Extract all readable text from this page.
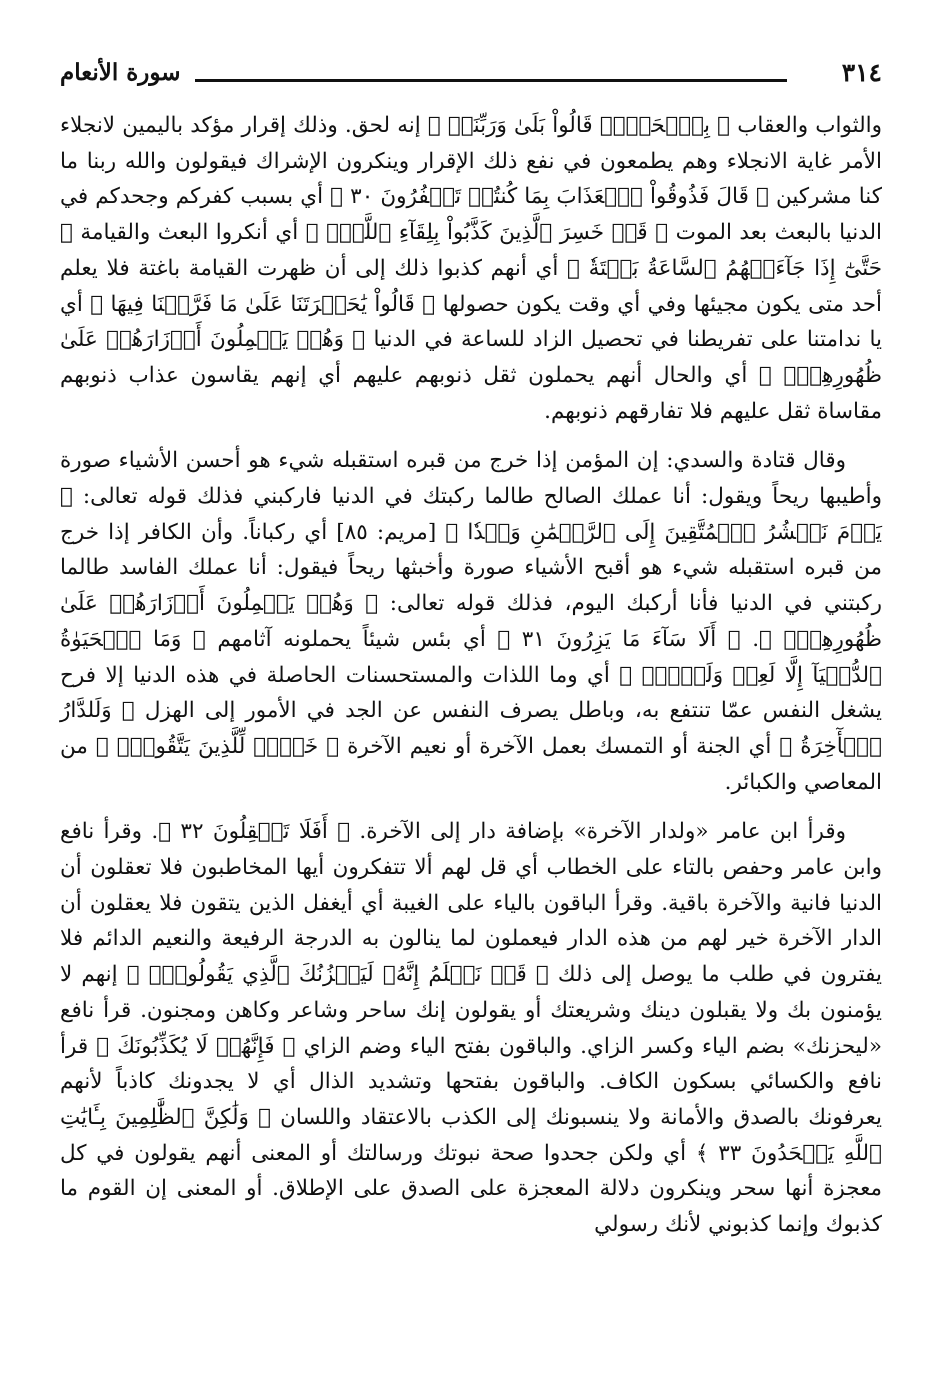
٣١٤
سورة الأنعام

والثواب والعقاب ﴿ بِٱلۡحَقِّۚ قَالُواْ بَلَىٰ وَرَبِّنَاۚ ﴾ إنه لحق. وذلك إقرار مؤكد باليمين لانجلاء الأمر غاية الانجلاء وهم يطمعون في نفع ذلك الإقرار وينكرون الإشراك فيقولون والله ربنا ما كنا مشركين ﴿ قَالَ فَذُوقُواْ ٱلۡعَذَابَ بِمَا كُنتُمۡ تَكۡفُرُونَ ٣٠ ﴾ أي بسبب كفركم وجحدكم في الدنيا بالبعث بعد الموت ﴿ قَدۡ خَسِرَ ٱلَّذِينَ كَذَّبُواْ بِلِقَآءِ ٱللَّهِۖ ﴾ أي أنكروا البعث والقيامة ﴿ حَتَّىٰٓ إِذَا جَآءَتۡهُمُ ٱلسَّاعَةُ بَغۡتَةٗ ﴾ أي أنهم كذبوا ذلك إلى أن ظهرت القيامة باغتة فلا يعلم أحد متى يكون مجيئها وفي أي وقت يكون حصولها ﴿ قَالُواْ يَٰحَسۡرَتَنَا عَلَىٰ مَا فَرَّطۡنَا فِيهَا ﴾ أي يا ندامتنا على تفريطنا في تحصيل الزاد للساعة في الدنيا ﴿ وَهُمۡ يَحۡمِلُونَ أَوۡزَارَهُمۡ عَلَىٰ ظُهُورِهِمۡۚ ﴾ أي والحال أنهم يحملون ثقل ذنوبهم عليهم أي إنهم يقاسون عذاب ذنوبهم مقاساة ثقل عليهم فلا تفارقهم ذنوبهم.

وقال قتادة والسدي: إن المؤمن إذا خرج من قبره استقبله شيء هو أحسن الأشياء صورة وأطيبها ريحاً ويقول: أنا عملك الصالح طالما ركبتك في الدنيا فاركبني فذلك قوله تعالى: ﴿ يَوۡمَ نَحۡشُرُ ٱلۡمُتَّقِينَ إِلَى ٱلرَّحۡمَٰنِ وَفۡدٗا ﴾ [مريم: ٨٥] أي ركباناً. وأن الكافر إذا خرج من قبره استقبله شيء هو أقبح الأشياء صورة وأخبثها ريحاً فيقول: أنا عملك الفاسد طالما ركبتني في الدنيا فأنا أركبك اليوم، فذلك قوله تعالى: ﴿ وَهُمۡ يَحۡمِلُونَ أَوۡزَارَهُمۡ عَلَىٰ ظُهُورِهِمۡۚ ﴾. ﴿ أَلَا سَآءَ مَا يَزِرُونَ ٣١ ﴾ أي بئس شيئاً يحملونه آثامهم ﴿ وَمَا ٱلۡحَيَوٰةُ ٱلدُّنۡيَآ إِلَّا لَعِبٞ وَلَهۡوٞۖ ﴾ أي وما اللذات والمستحسنات الحاصلة في هذه الدنيا إلا فرح يشغل النفس عمّا تنتفع به، وباطل يصرف النفس عن الجد في الأمور إلى الهزل ﴿ وَلَلدَّارُ ٱلۡأٓخِرَةُ ﴾ أي الجنة أو التمسك بعمل الآخرة أو نعيم الآخرة ﴿ خَيۡرٞ لِّلَّذِينَ يَتَّقُونَۚ ﴾ من المعاصي والكبائر.

وقرأ ابن عامر «ولدار الآخرة» بإضافة دار إلى الآخرة. ﴿ أَفَلَا تَعۡقِلُونَ ٣٢ ﴾. وقرأ نافع وابن عامر وحفص بالتاء على الخطاب أي قل لهم ألا تتفكرون أيها المخاطبون فلا تعقلون أن الدنيا فانية والآخرة باقية. وقرأ الباقون بالياء على الغيبة أي أيغفل الذين يتقون فلا يعقلون أن الدار الآخرة خير لهم من هذه الدار فيعملون لما ينالون به الدرجة الرفيعة والنعيم الدائم فلا يفترون في طلب ما يوصل إلى ذلك ﴿ قَدۡ نَعۡلَمُ إِنَّهُۥ لَيَحۡزُنُكَ ٱلَّذِي يَقُولُونَۖ ﴾ إنهم لا يؤمنون بك ولا يقبلون دينك وشريعتك أو يقولون إنك ساحر وشاعر وكاهن ومجنون. قرأ نافع «ليحزنك» بضم الياء وكسر الزاي. والباقون بفتح الياء وضم الزاي ﴿ فَإِنَّهُمۡ لَا يُكَذِّبُونَكَ ﴾ قرأ نافع والكسائي بسكون الكاف. والباقون بفتحها وتشديد الذال أي لا يجدونك كاذباً لأنهم يعرفونك بالصدق والأمانة ولا ينسبونك إلى الكذب بالاعتقاد واللسان ﴿ وَلَٰكِنَّ ٱلظَّٰلِمِينَ بِـَٔايَٰتِ ٱللَّهِ يَجۡحَدُونَ ٣٣ ﴾ أي ولكن جحدوا صحة نبوتك ورسالتك أو المعنى أنهم يقولون في كل معجزة أنها سحر وينكرون دلالة المعجزة على الصدق على الإطلاق. أو المعنى إن القوم ما كذبوك وإنما كذبوني لأنك رسولي
